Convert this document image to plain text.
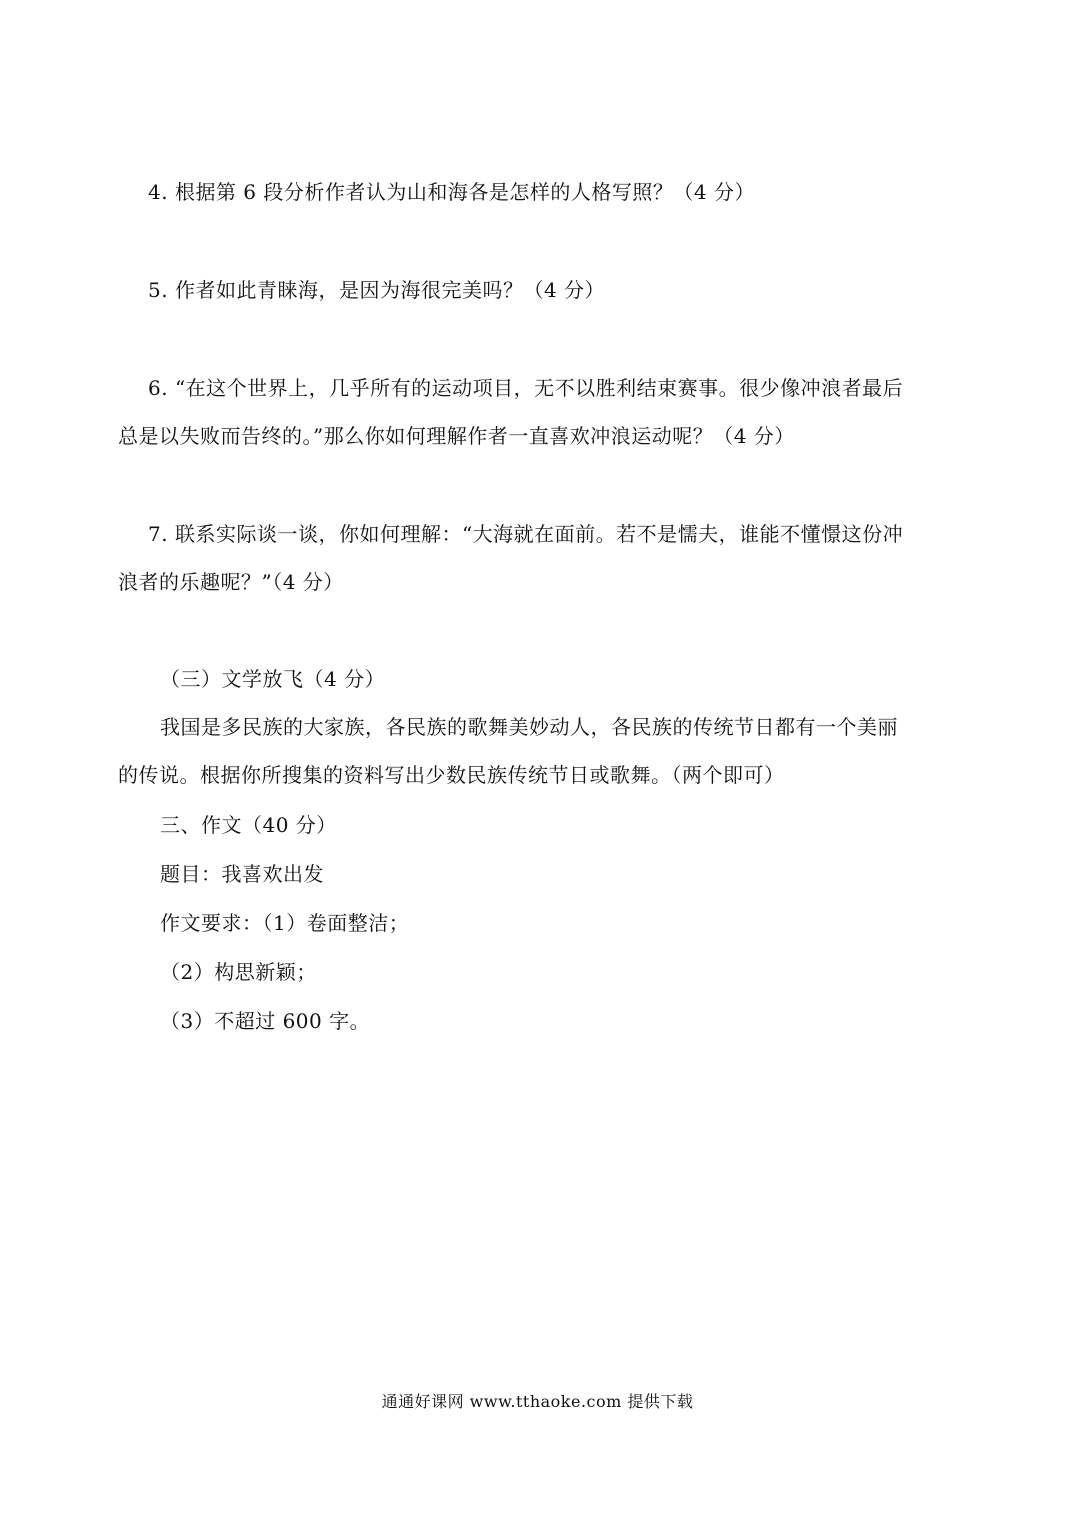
4. 根据第 6 段分析作者认为山和海各是怎样的人格写照？（4 分）
5. 作者如此青睐海，是因为海很完美吗？（4 分）
6. “在这个世界上，几乎所有的运动项目，无不以胜利结束赛事。很少像冲浪者最后
总是以失败而告终的。”那么你如何理解作者一直喜欢冲浪运动呢？（4 分）
7. 联系实际谈一谈，你如何理解：“大海就在面前。若不是懦夫，谁能不懂憬这份冲
浪者的乐趣呢？”（4 分）
（三）文学放飞（4 分）
我国是多民族的大家族，各民族的歌舞美妙动人，各民族的传统节日都有一个美丽
的传说。根据你所搜集的资料写出少数民族传统节日或歌舞。（两个即可）
三、作文（40 分）
题目：我喜欢出发
作文要求：（1）卷面整洁；
（2）构思新颖；
（3）不超过 600 字。
通通好课网 www.tthaoke.com 提供下载
